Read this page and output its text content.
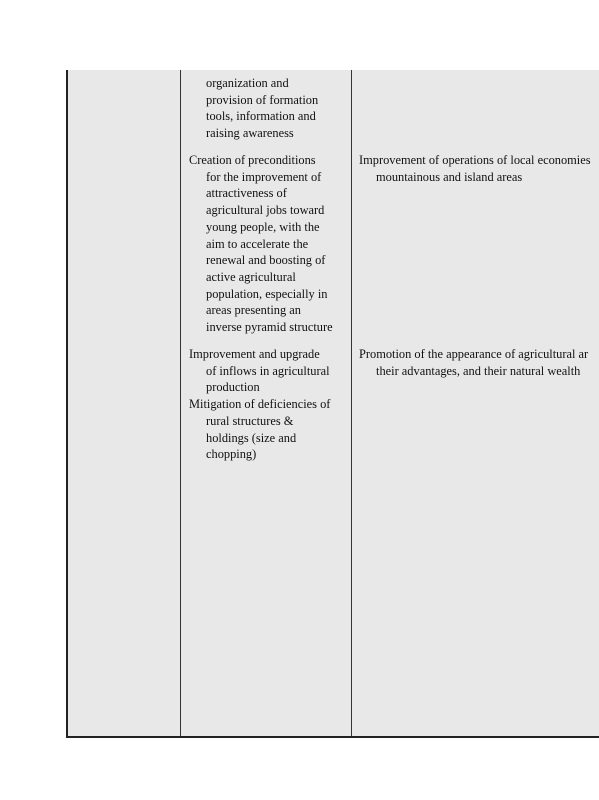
organization and
provision of formation
tools, information and
raising awareness
Creation of preconditions
for the improvement of
attractiveness of
agricultural jobs toward
young people, with the
aim to accelerate the
renewal and boosting of
active agricultural
population, especially in
areas presenting an
inverse pyramid structure
Improvement and upgrade
of inflows in agricultural
production
Mitigation of deficiencies of
rural structures &
holdings (size and
chopping)
Improvement of operations of local economies
mountainous and island areas
Promotion of the appearance of agricultural ar
their advantages, and their natural wealth
